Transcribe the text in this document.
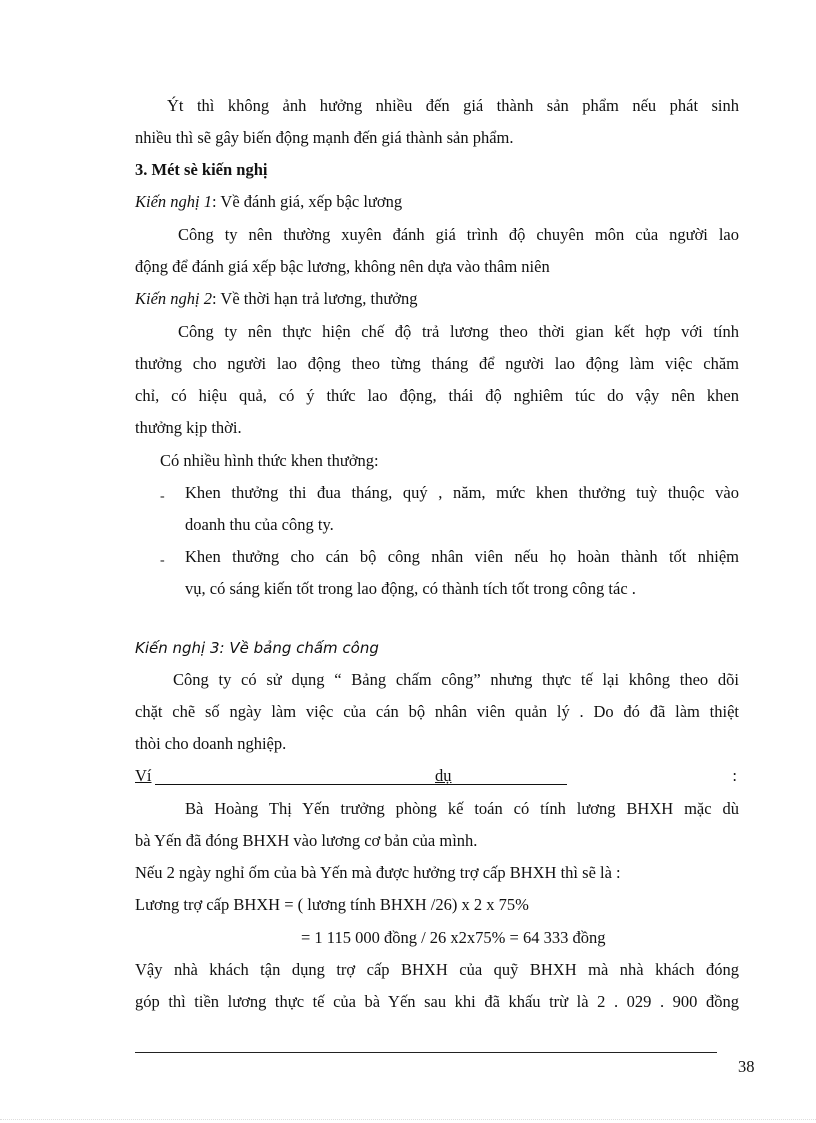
Ýt thì không ảnh hưởng nhiều đến giá thành sản phẩm nếu phát sinh
nhiều thì sẽ gây biến động mạnh đến giá thành sản phẩm.
3. Mét sè kiến nghị
Kiến nghị 1: Về đánh giá, xếp bậc lương
Công ty nên thường xuyên đánh giá trình độ chuyên môn của người lao
động để đánh giá xếp bậc lương, không nên dựa vào thâm niên
Kiến nghị 2: Về thời hạn trả lương, thưởng
Công ty nên thực hiện chế độ trả lương theo thời gian kết hợp với tính
thưởng cho người lao động theo từng tháng để người lao động làm việc chăm
chỉ, có hiệu quả, có ý thức lao động, thái độ nghiêm túc do vậy nên khen
thưởng kịp thời.
Có nhiều hình thức khen thưởng:
- Khen thưởng thi đua tháng, quý , năm, mức khen thưởng tuỳ thuộc vào
doanh thu của công ty.
- Khen thưởng cho cán bộ công nhân viên nếu họ hoàn thành tốt nhiệm
vụ, có sáng kiến tốt trong lao động, có thành tích tốt trong công tác .
Kiến nghị 3: Về bảng chấm công
Công ty có sử dụng “ Bảng chấm công” nhưng thực tế lại không theo dõi
chặt chẽ số ngày làm việc của cán bộ nhân viên quản lý . Do đó đã làm thiệt
thòi cho doanh nghiệp.
Ví	dụ	:
Bà Hoàng Thị Yến trưởng phòng kế toán có tính lương BHXH mặc dù
bà Yến đã đóng BHXH vào lương cơ bản của mình.
Nếu 2 ngày nghỉ ốm của bà Yến mà được hưởng trợ cấp BHXH thì sẽ là :
Lương trợ cấp BHXH = ( lương tính BHXH /26) x 2 x 75%
= 1 115 000 đồng / 26 x2x75% = 64 333 đồng
Vậy nhà khách tận dụng trợ cấp BHXH của quỹ BHXH mà nhà khách đóng
góp thì tiền lương thực tế của bà Yến sau khi đã khấu trừ là 2 . 029 . 900 đồng
38
